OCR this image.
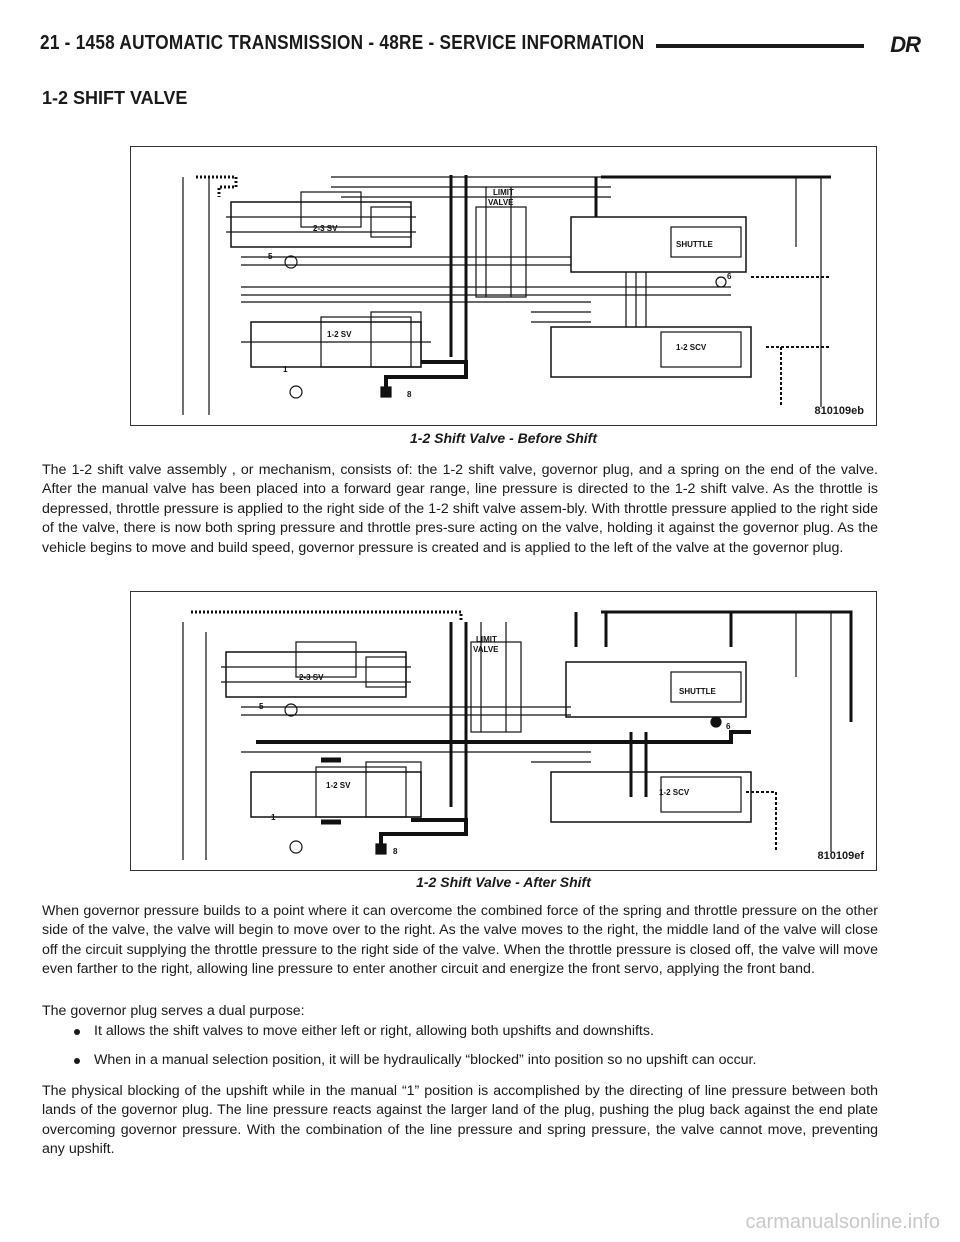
21 - 1458 AUTOMATIC TRANSMISSION - 48RE - SERVICE INFORMATION	DR
1-2 SHIFT VALVE
LIMIT
VALVE
2-3 SV
1-2 SV
SHUTTLE
1-2 SCV
5
6
1
8
810109eb
1-2 Shift Valve - Before Shift

The 1-2 shift valve assembly , or mechanism, consists of: the 1-2 shift valve, governor plug, and a spring on the end of the valve. After the manual valve has been placed into a forward gear range, line pressure is directed to the 1-2 shift valve. As the throttle is depressed, throttle pressure is applied to the right side of the 1-2 shift valve assem-bly. With throttle pressure applied to the right side of the valve, there is now both spring pressure and throttle pres-sure acting on the valve, holding it against the governor plug. As the vehicle begins to move and build speed, governor pressure is created and is applied to the left of the valve at the governor plug.

LIMIT
VALVE
2-3 SV
1-2 SV
SHUTTLE
1-2 SCV
5
6
1
8	810109ef
1-2 Shift Valve - After Shift

When governor pressure builds to a point where it can overcome the combined force of the spring and throttle pressure on the other side of the valve, the valve will begin to move over to the right. As the valve moves to the right, the middle land of the valve will close off the circuit supplying the throttle pressure to the right side of the valve. When the throttle pressure is closed off, the valve will move even farther to the right, allowing line pressure to enter another circuit and energize the front servo, applying the front band.

The governor plug serves a dual purpose:

It allows the shift valves to move either left or right, allowing both upshifts and downshifts.
When in a manual selection position, it will be hydraulically “blocked” into position so no upshift can occur.

The physical blocking of the upshift while in the manual “1” position is accomplished by the directing of line pressure between both lands of the governor plug. The line pressure reacts against the larger land of the plug, pushing the plug back against the end plate overcoming governor pressure. With the combination of the line pressure and spring pressure, the valve cannot move, preventing any upshift.

carmanualsonline.info
